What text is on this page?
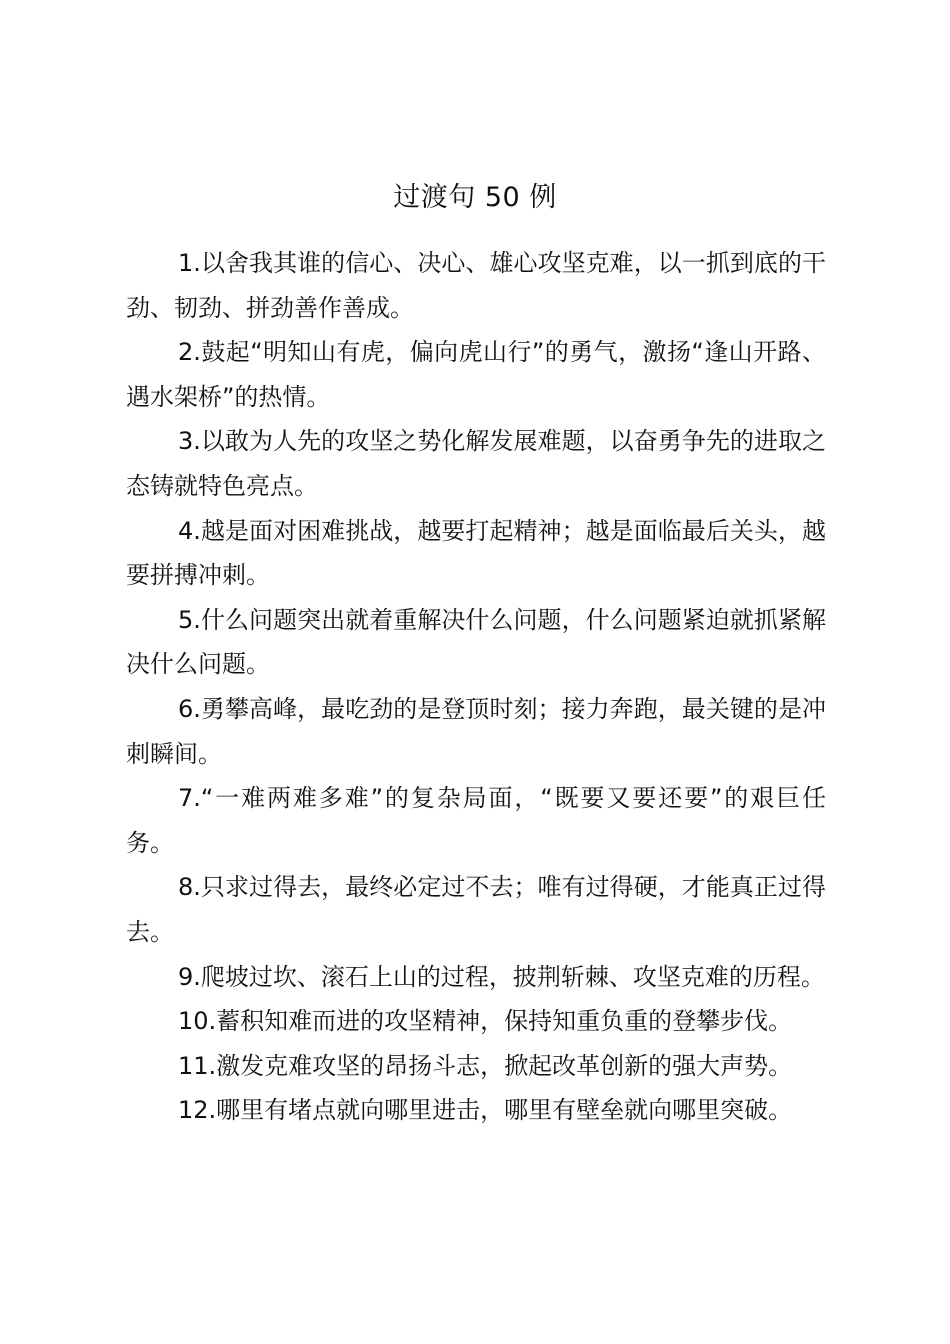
过渡句 50 例
1.以舍我其谁的信心、决心、雄心攻坚克难，以一抓到底的干劲、韧劲、拼劲善作善成。
2.鼓起“明知山有虎，偏向虎山行”的勇气，激扬“逢山开路、遇水架桥”的热情。
3.以敢为人先的攻坚之势化解发展难题，以奋勇争先的进取之态铸就特色亮点。
4.越是面对困难挑战，越要打起精神；越是面临最后关头，越要拼搏冲刺。
5.什么问题突出就着重解决什么问题，什么问题紧迫就抓紧解决什么问题。
6.勇攀高峰，最吃劲的是登顶时刻；接力奔跑，最关键的是冲刺瞬间。
7.“一难两难多难”的复杂局面，“既要又要还要”的艰巨任务。
8.只求过得去，最终必定过不去；唯有过得硬，才能真正过得去。
9.爬坡过坎、滚石上山的过程，披荆斩棘、攻坚克难的历程。
10.蓄积知难而进的攻坚精神，保持知重负重的登攀步伐。
11.激发克难攻坚的昂扬斗志，掀起改革创新的强大声势。
12.哪里有堵点就向哪里进击，哪里有壁垒就向哪里突破。
